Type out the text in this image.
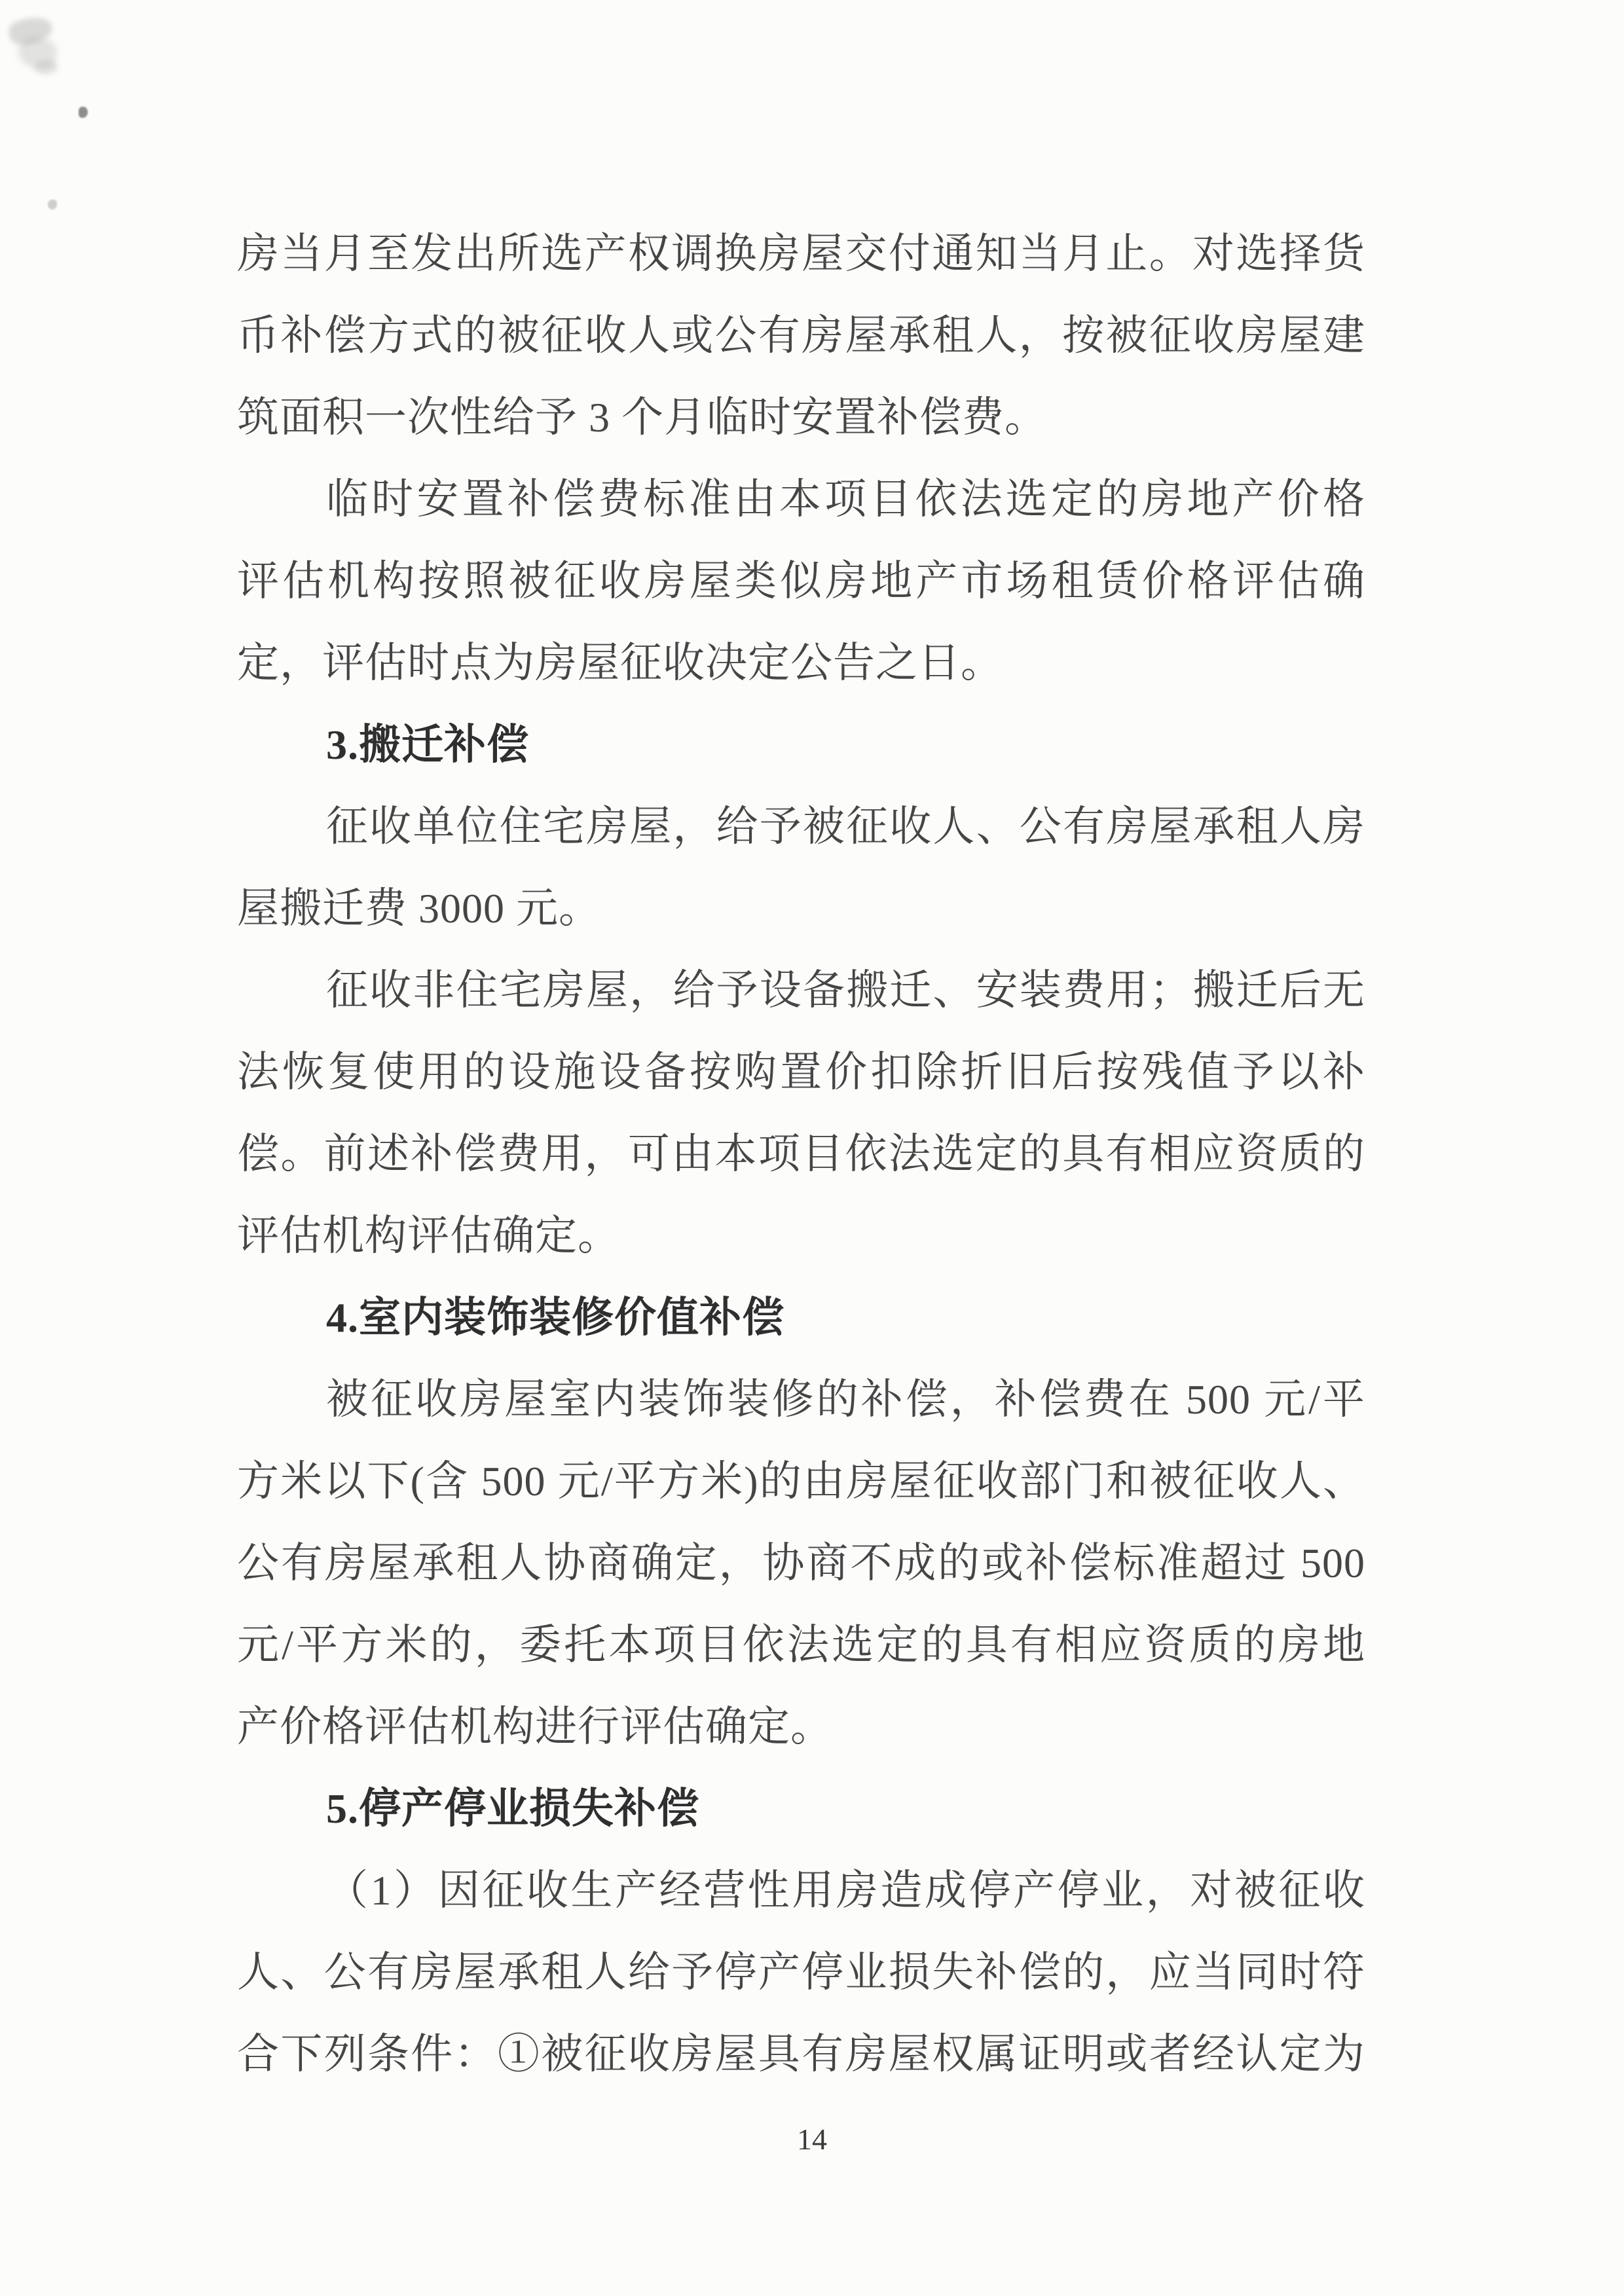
房当月至发出所选产权调换房屋交付通知当月止。对选择货
币补偿方式的被征收人或公有房屋承租人，按被征收房屋建
筑面积一次性给予 3 个月临时安置补偿费。
临时安置补偿费标准由本项目依法选定的房地产价格
评估机构按照被征收房屋类似房地产市场租赁价格评估确
定，评估时点为房屋征收决定公告之日。
3.搬迁补偿
征收单位住宅房屋，给予被征收人、公有房屋承租人房
屋搬迁费 3000 元。
征收非住宅房屋，给予设备搬迁、安装费用；搬迁后无
法恢复使用的设施设备按购置价扣除折旧后按残值予以补
偿。前述补偿费用，可由本项目依法选定的具有相应资质的
评估机构评估确定。
4.室内装饰装修价值补偿
被征收房屋室内装饰装修的补偿，补偿费在 500 元/平
方米以下(含 500 元/平方米)的由房屋征收部门和被征收人、
公有房屋承租人协商确定，协商不成的或补偿标准超过 500
元/平方米的，委托本项目依法选定的具有相应资质的房地
产价格评估机构进行评估确定。
5.停产停业损失补偿
（1）因征收生产经营性用房造成停产停业，对被征收
人、公有房屋承租人给予停产停业损失补偿的，应当同时符
合下列条件：①被征收房屋具有房屋权属证明或者经认定为
14
